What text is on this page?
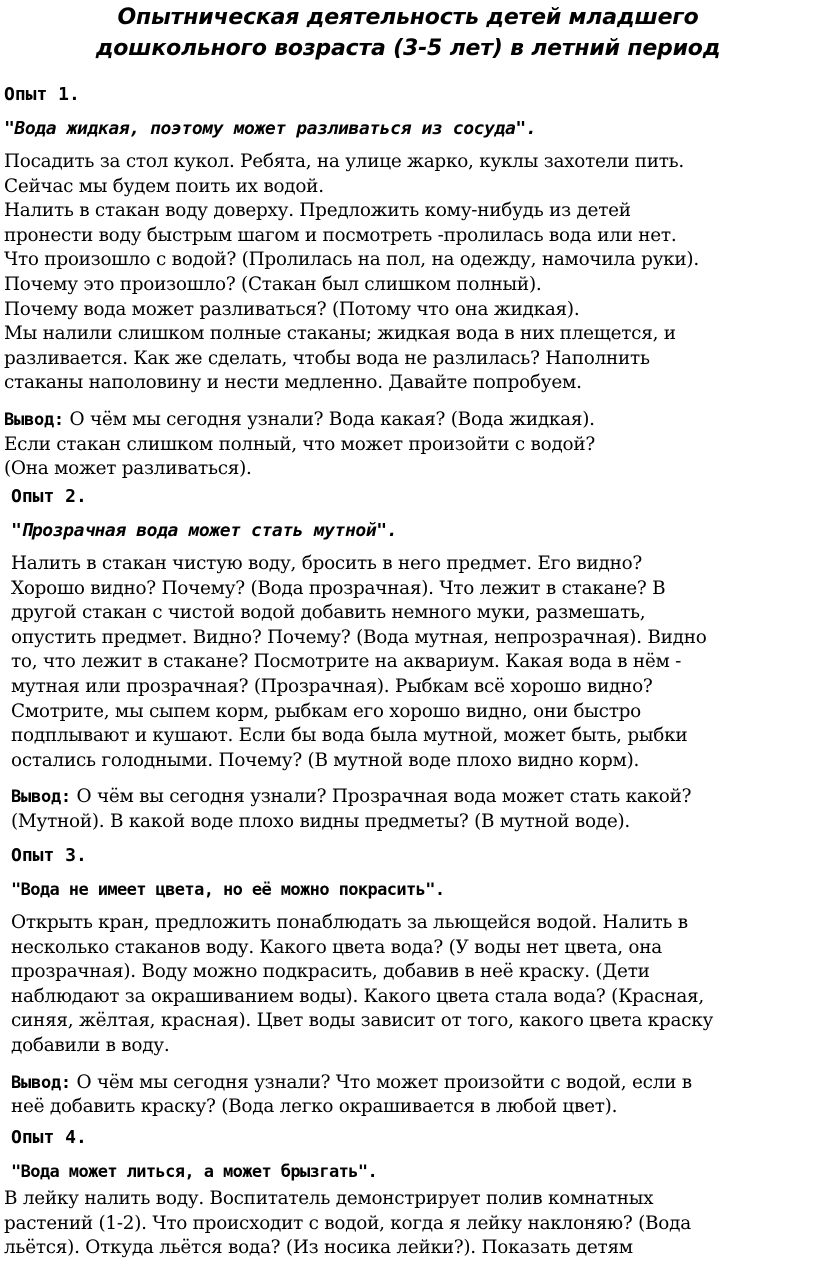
Опытническая деятельность детей младшего
дошкольного возраста (3-5 лет) в летний период
Опыт 1.
"Вода жидкая, поэтому может разливаться из сосуда".
Посадить за стол кукол. Ребята, на улице жарко, куклы захотели пить.
Сейчас мы будем поить их водой.
Налить в стакан воду доверху. Предложить кому-нибудь из детей
пронести воду быстрым шагом и посмотреть -пролилась вода или нет.
Что произошло с водой? (Пролилась на пол, на одежду, намочила руки).
Почему это произошло? (Стакан был слишком полный).
Почему вода может разливаться? (Потому что она жидкая).
Мы налили слишком полные стаканы; жидкая вода в них плещется, и
разливается. Как же сделать, чтобы вода не разлилась? Наполнить
стаканы наполовину и нести медленно. Давайте попробуем.
Вывод: О чём мы сегодня узнали? Вода какая? (Вода жидкая).
Если стакан слишком полный, что может произойти с водой?
(Она может разливаться).
Опыт 2.
"Прозрачная вода может стать мутной".
Налить в стакан чистую воду, бросить в него предмет. Его видно?
Хорошо видно? Почему? (Вода прозрачная). Что лежит в стакане? В
другой стакан с чистой водой добавить немного муки, размешать,
опустить предмет. Видно? Почему? (Вода мутная, непрозрачная). Видно
то, что лежит в стакане? Посмотрите на аквариум. Какая вода в нём -
мутная или прозрачная? (Прозрачная). Рыбкам всё хорошо видно?
Смотрите, мы сыпем корм, рыбкам его хорошо видно, они быстро
подплывают и кушают. Если бы вода была мутной, может быть, рыбки
остались голодными. Почему? (В мутной воде плохо видно корм).
Вывод: О чём вы сегодня узнали? Прозрачная вода может стать какой?
(Мутной). В какой воде плохо видны предметы? (В мутной воде).
Опыт 3.
"Вода не имеет цвета, но её можно покрасить".
Открыть кран, предложить понаблюдать за льющейся водой. Налить в
несколько стаканов воду. Какого цвета вода? (У воды нет цвета, она
прозрачная). Воду можно подкрасить, добавив в неё краску. (Дети
наблюдают за окрашиванием воды). Какого цвета стала вода? (Красная,
синяя, жёлтая, красная). Цвет воды зависит от того, какого цвета краску
добавили в воду.
Вывод: О чём мы сегодня узнали? Что может произойти с водой, если в
неё добавить краску? (Вода легко окрашивается в любой цвет).
Опыт 4.
"Вода может литься, а может брызгать".
В лейку налить воду. Воспитатель демонстрирует полив комнатных
растений (1-2). Что происходит с водой, когда я лейку наклоняю? (Вода
льётся). Откуда льётся вода? (Из носика лейки?). Показать детям
